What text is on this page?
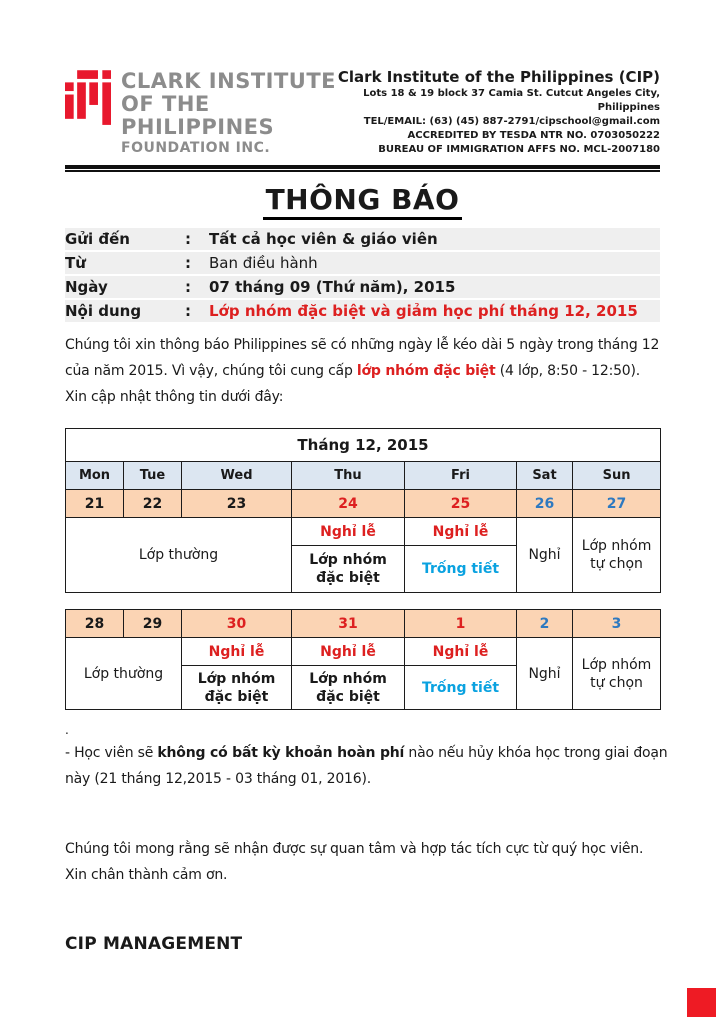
CLARK INSTITUTE
OF THE PHILIPPINES
FOUNDATION INC.
Clark Institute of the Philippines (CIP)
Lots 18 & 19 block 37 Camia St. Cutcut Angeles City, Philippines
TEL/EMAIL: (63) (45) 887-2791/cipschool@gmail.com
ACCREDITED BY TESDA NTR NO. 0703050222
BUREAU OF IMMIGRATION AFFS NO. MCL-2007180
THÔNG BÁO
Gửi đến	:	Tất cả học viên & giáo viên
Từ	:	Ban điều hành
Ngày	:	07 tháng 09 (Thứ năm), 2015
Nội dung	:	Lớp nhóm đặc biệt và giảm học phí tháng 12, 2015
Chúng tôi xin thông báo Philippines sẽ có những ngày lễ kéo dài 5 ngày trong tháng 12
của năm 2015. Vì vậy, chúng tôi cung cấp lớp nhóm đặc biệt (4 lớp, 8:50 - 12:50).
Xin cập nhật thông tin dưới đây:
Tháng 12, 2015						
Mon	Tue	Wed	Thu	Fri	Sat	Sun
21	22	23	24	25	26	27
Lớp thường			Nghỉ lễ	Nghỉ lễ	Nghỉ	Lớp nhóm tự chọn
			Lớp nhóm đặc biệt	Trống tiết		
28	29	30	31	1	2	3
Lớp thường		Nghỉ lễ	Nghỉ lễ	Nghỉ lễ	Nghỉ	Lớp nhóm tự chọn
		Lớp nhóm đặc biệt	Lớp nhóm đặc biệt	Trống tiết		
.
- Học viên sẽ không có bất kỳ khoản hoàn phí nào nếu hủy khóa học trong giai đoạn
này (21 tháng 12,2015 - 03 tháng 01, 2016).
Chúng tôi mong rằng sẽ nhận được sự quan tâm và hợp tác tích cực từ quý học viên.
Xin chân thành cảm ơn.
CIP MANAGEMENT
